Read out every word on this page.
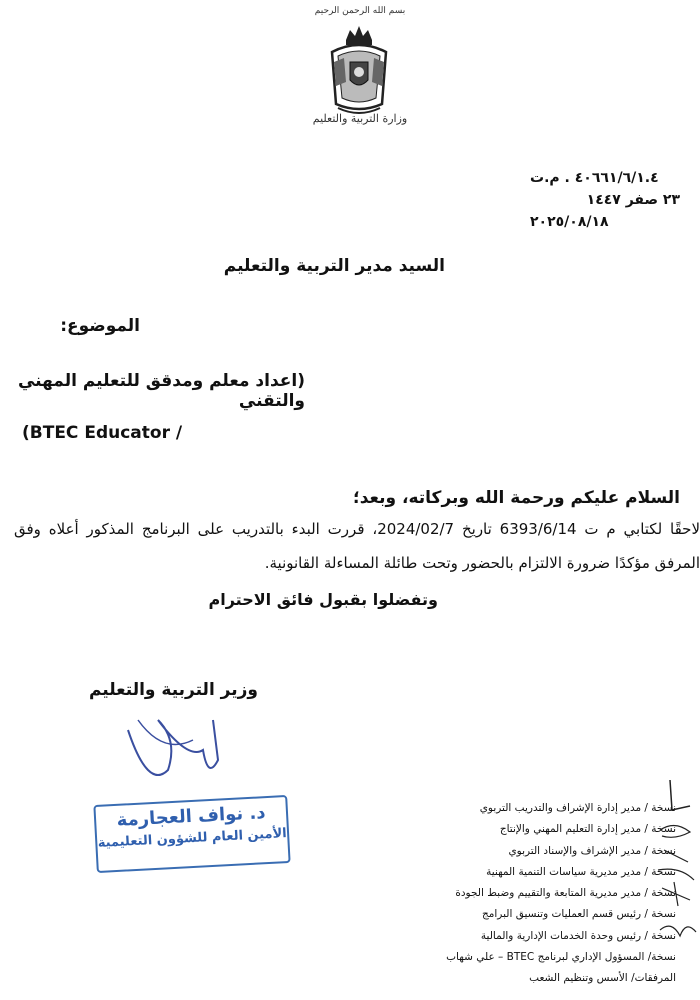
بسم الله الرحمن الرحيم
وزارة التربية والتعليم
٤٠٦٦١/٦/١.٤ . م.ت
٢٣ صفر ١٤٤٧
٢٠٢٥/٠٨/١٨
السيد مدير التربية والتعليم
الموضوع:
(اعداد معلم ومدقق للتعليم المهني والتقني
(BTEC Educator /
السلام عليكم ورحمة الله وبركاته، وبعد؛
لاحقًا لكتابي م ت 6393/6/14 تاريخ 2024/02/7، قررت البدء بالتدريب على البرنامج المذكور أعلاه وفق المرفق مؤكدًا ضرورة الالتزام بالحضور وتحت طائلة المساءلة القانونية.
وتفضلوا بقبول فائق الاحترام
وزير التربية والتعليم
د. نواف العجارمة
الأمين العام للشؤون التعليمية
نسخة / مدير إدارة الإشراف والتدريب التربوي
نسخة / مدير إدارة التعليم المهني والإنتاج
نسخة / مدير الإشراف والإسناد التربوي
نسخة / مدير مديرية سياسات التنمية المهنية
نسخة / مدير مديرية المتابعة والتقييم وضبط الجودة
نسخة / رئيس قسم العمليات وتنسيق البرامج
نسخة / رئيس وحدة الخدمات الإدارية والمالية
نسخة/ المسؤول الإداري لبرنامج BTEC – علي شهاب
المرفقات/ الأسس وتنظيم الشعب
